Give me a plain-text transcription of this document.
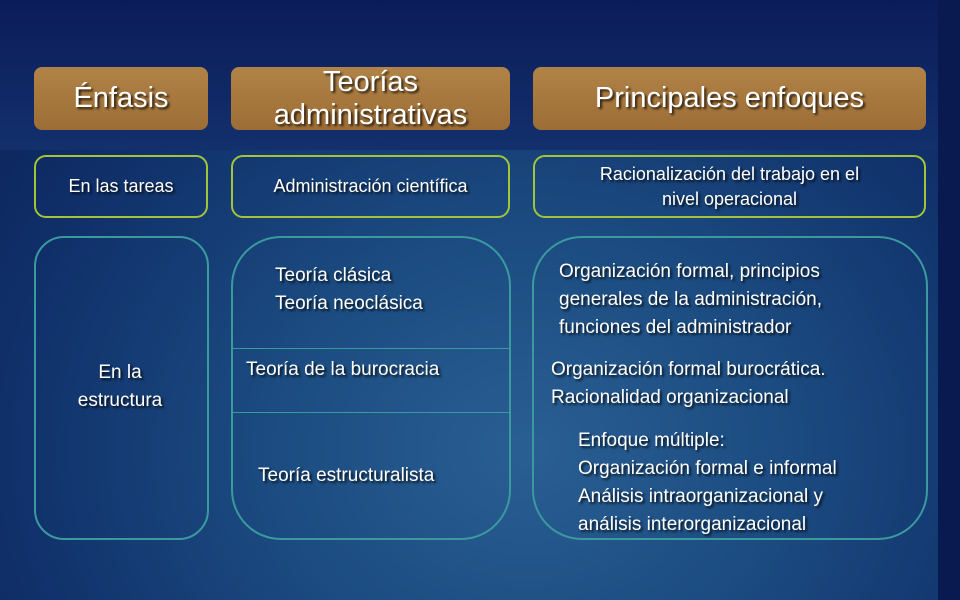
Énfasis
Teorías
administrativas
Principales enfoques
En las tareas	Administración científica
Racionalización del trabajo en el
nivel operacional
En la
estructura
Teoría clásica
Teoría neoclásica
Teoría de la burocracia
Teoría estructuralista
Organización formal, principios
generales de la administración,
funciones del administrador
Organización formal burocrática.
Racionalidad organizacional
Enfoque múltiple:
Organización formal e informal
Análisis intraorganizacional y
análisis interorganizacional
